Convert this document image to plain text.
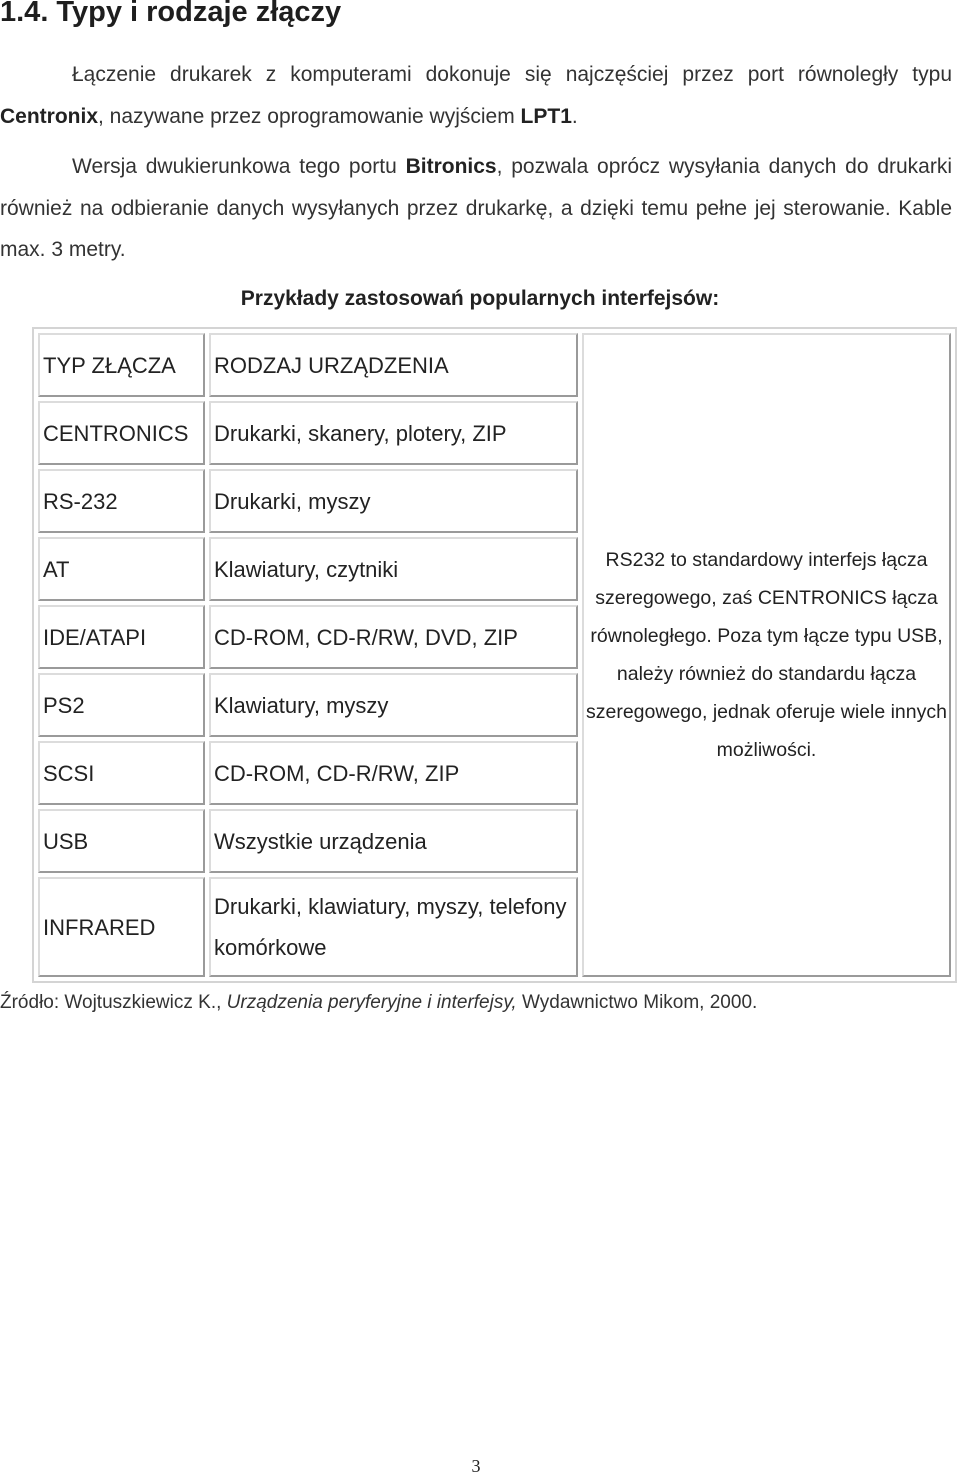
1.4. Typy i rodzaje złączy
Łączenie drukarek z komputerami dokonuje się najczęściej przez port równoległy typu Centronix, nazywane przez oprogramowanie wyjściem LPT1.
Wersja dwukierunkowa tego portu Bitronics, pozwala oprócz wysyłania danych do drukarki również na odbieranie danych wysyłanych przez drukarkę, a dzięki temu pełne jej sterowanie. Kable max. 3 metry.
Przykłady zastosowań popularnych interfejsów:
TYP ZŁĄCZA	RODZAJ URZĄDZENIA	RS232 to standardowy interfejs łącza szeregowego, zaś CENTRONICS łącza równoległego. Poza tym łącze typu USB, należy również do standardu łącza szeregowego, jednak oferuje wiele innych możliwości.
CENTRONICS	Drukarki, skanery, plotery, ZIP	
RS-232	Drukarki, myszy	
AT	Klawiatury, czytniki	
IDE/ATAPI	CD-ROM, CD-R/RW, DVD, ZIP	
PS2	Klawiatury, myszy	
SCSI	CD-ROM, CD-R/RW, ZIP	
USB	Wszystkie urządzenia	
INFRARED	Drukarki, klawiatury, myszy, telefony komórkowe	
Źródło: Wojtuszkiewicz K., Urządzenia peryferyjne i interfejsy, Wydawnictwo Mikom, 2000.
3
